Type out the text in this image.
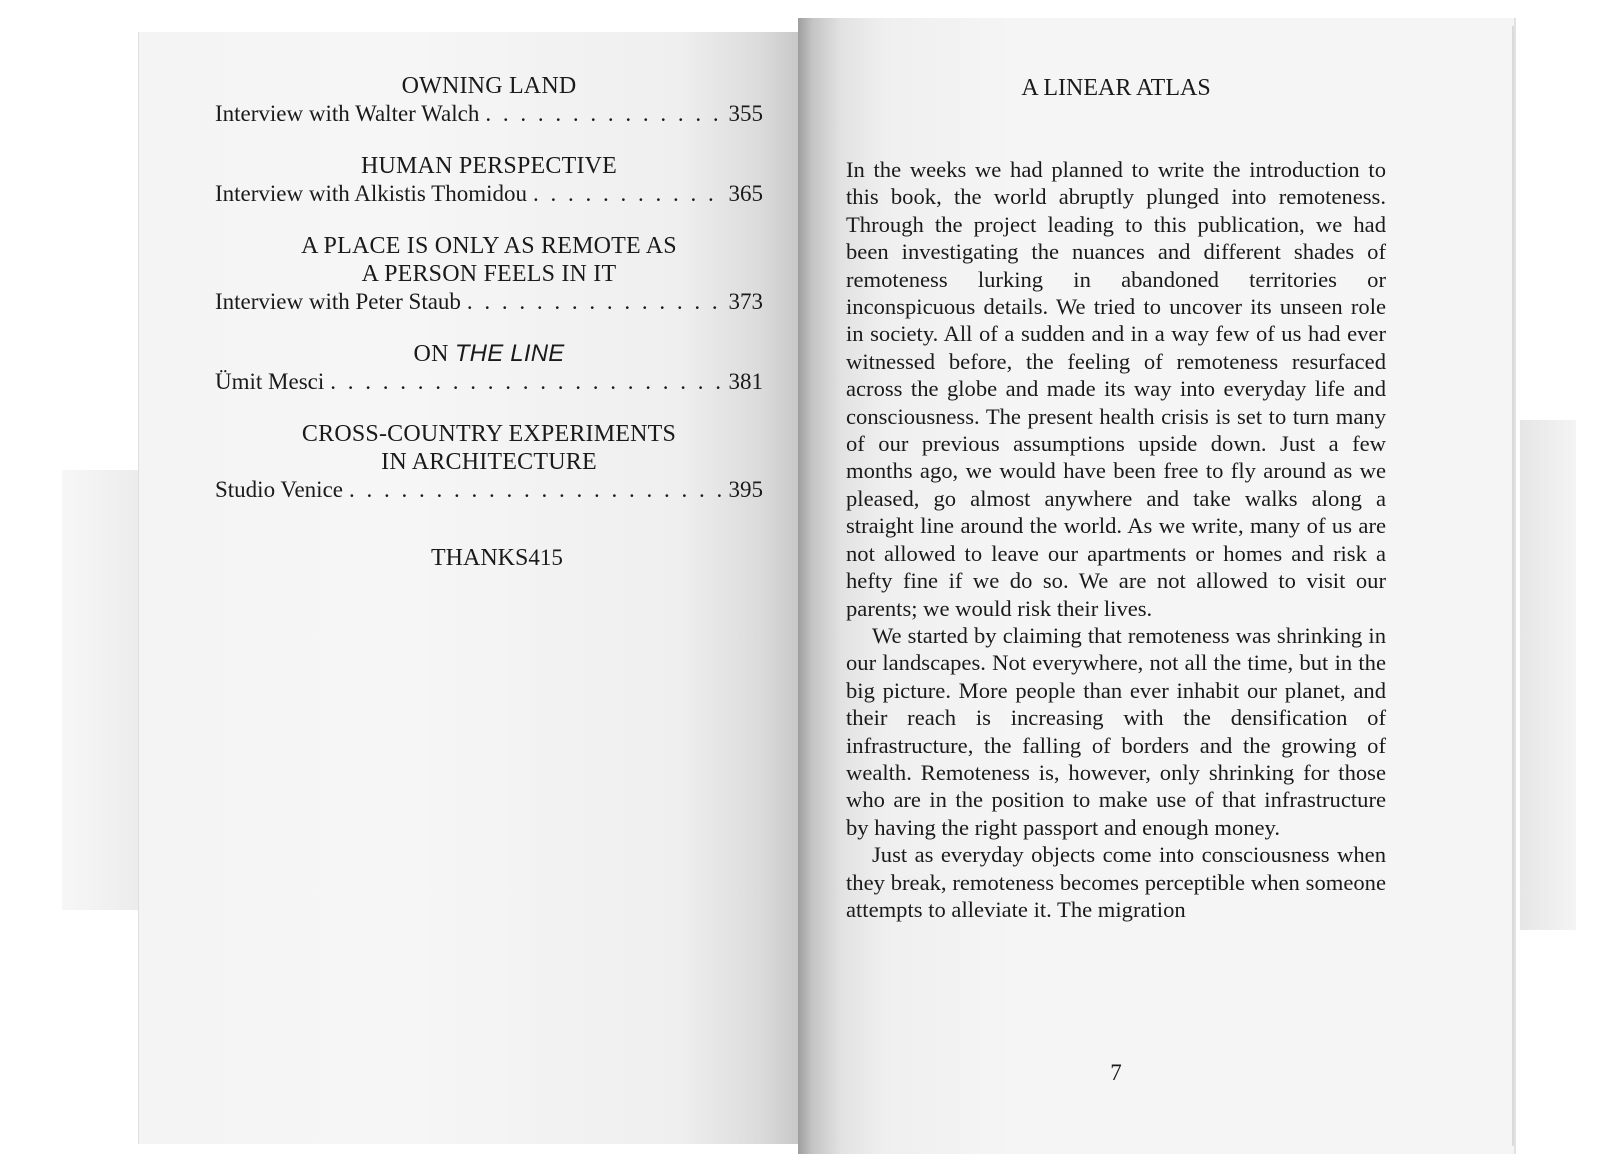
OWNING LAND
Interview with Walter Walch . . .	355
HUMAN PERSPECTIVE
Interview with Alkistis Thomidou . . .	365
A PLACE IS ONLY AS REMOTE AS
A PERSON FEELS IN IT
Interview with Peter Staub . . .	373
ON THE LINE
Ümit Mesci . . .	381
CROSS-COUNTRY EXPERIMENTS
IN ARCHITECTURE
Studio Venice . . .	395
THANKS 415
A LINEAR ATLAS

In the weeks we had planned to write the introduction to this book, the world abruptly plunged into remoteness. Through the project leading to this publication, we had been investigating the nuances and different shades of remoteness lurking in abandoned territories or inconspicuous details. We tried to uncover its unseen role in society. All of a sudden and in a way few of us had ever witnessed before, the feeling of remoteness resurfaced across the globe and made its way into everyday life and consciousness. The present health crisis is set to turn many of our previous assumptions upside down. Just a few months ago, we would have been free to fly around as we pleased, go almost anywhere and take walks along a straight line around the world. As we write, many of us are not allowed to leave our apartments or homes and risk a hefty fine if we do so. We are not allowed to visit our parents; we would risk their lives.

We started by claiming that remoteness was shrinking in our landscapes. Not everywhere, not all the time, but in the big picture. More people than ever inhabit our planet, and their reach is increasing with the densification of infrastructure, the falling of borders and the growing of wealth. Remoteness is, however, only shrinking for those who are in the position to make use of that infrastructure by having the right passport and enough money.

Just as everyday objects come into consciousness when they break, remoteness becomes perceptible when someone attempts to alleviate it. The migration

7
